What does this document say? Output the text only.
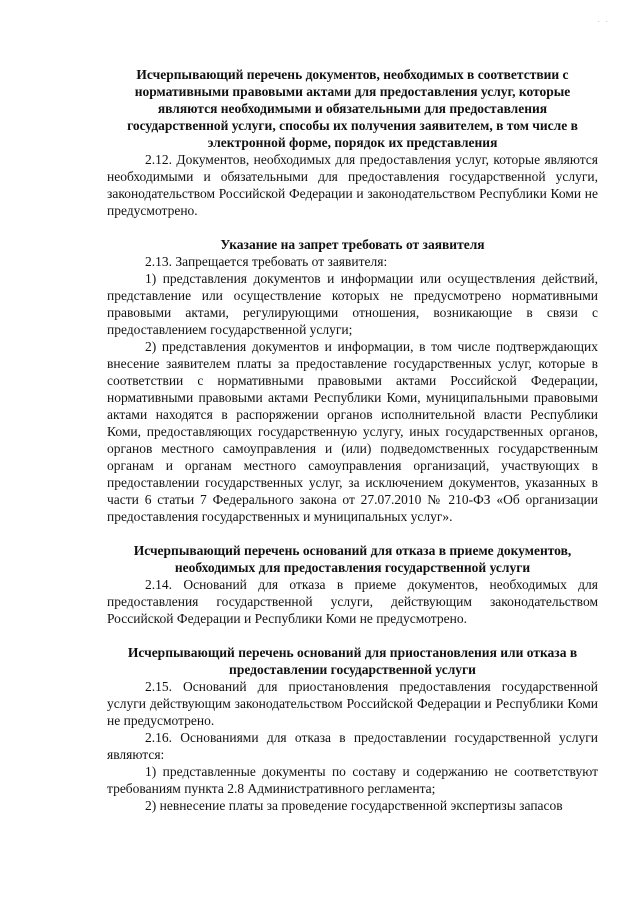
· ·

Исчерпывающий перечень документов, необходимых в соответствии с нормативными правовыми актами для предоставления услуг, которые являются необходимыми и обязательными для предоставления государственной услуги, способы их получения заявителем, в том числе в электронной форме, порядок их представления

2.12. Документов, необходимых для предоставления услуг, которые являются необходимыми и обязательными для предоставления государственной услуги, законодательством Российской Федерации и законодательством Республики Коми не предусмотрено.

Указание на запрет требовать от заявителя

2.13. Запрещается требовать от заявителя:

1) представления документов и информации или осуществления действий, представление или осуществление которых не предусмотрено нормативными правовыми актами, регулирующими отношения, возникающие в связи с предоставлением государственной услуги;

2) представления документов и информации, в том числе подтверждающих внесение заявителем платы за предоставление государственных услуг, которые в соответствии с нормативными правовыми актами Российской Федерации, нормативными правовыми актами Республики Коми, муниципальными правовыми актами находятся в распоряжении органов исполнительной власти Республики Коми, предоставляющих государственную услугу, иных государственных органов, органов местного самоуправления и (или) подведомственных государственным органам и органам местного самоуправления организаций, участвующих в предоставлении государственных услуг, за исключением документов, указанных в части 6 статьи 7 Федерального закона от 27.07.2010 № 210-ФЗ «Об организации предоставления государственных и муниципальных услуг».

Исчерпывающий перечень оснований для отказа в приеме документов, необходимых для предоставления государственной услуги

2.14. Оснований для отказа в приеме документов, необходимых для предоставления государственной услуги, действующим законодательством Российской Федерации и Республики Коми не предусмотрено.

Исчерпывающий перечень оснований для приостановления или отказа в предоставлении государственной услуги

2.15. Оснований для приостановления предоставления государственной услуги действующим законодательством Российской Федерации и Республики Коми не предусмотрено.

2.16. Основаниями для отказа в предоставлении государственной услуги являются:

1) представленные документы по составу и содержанию не соответствуют требованиям пункта 2.8 Административного регламента;

2) невнесение платы за проведение государственной экспертизы запасов
